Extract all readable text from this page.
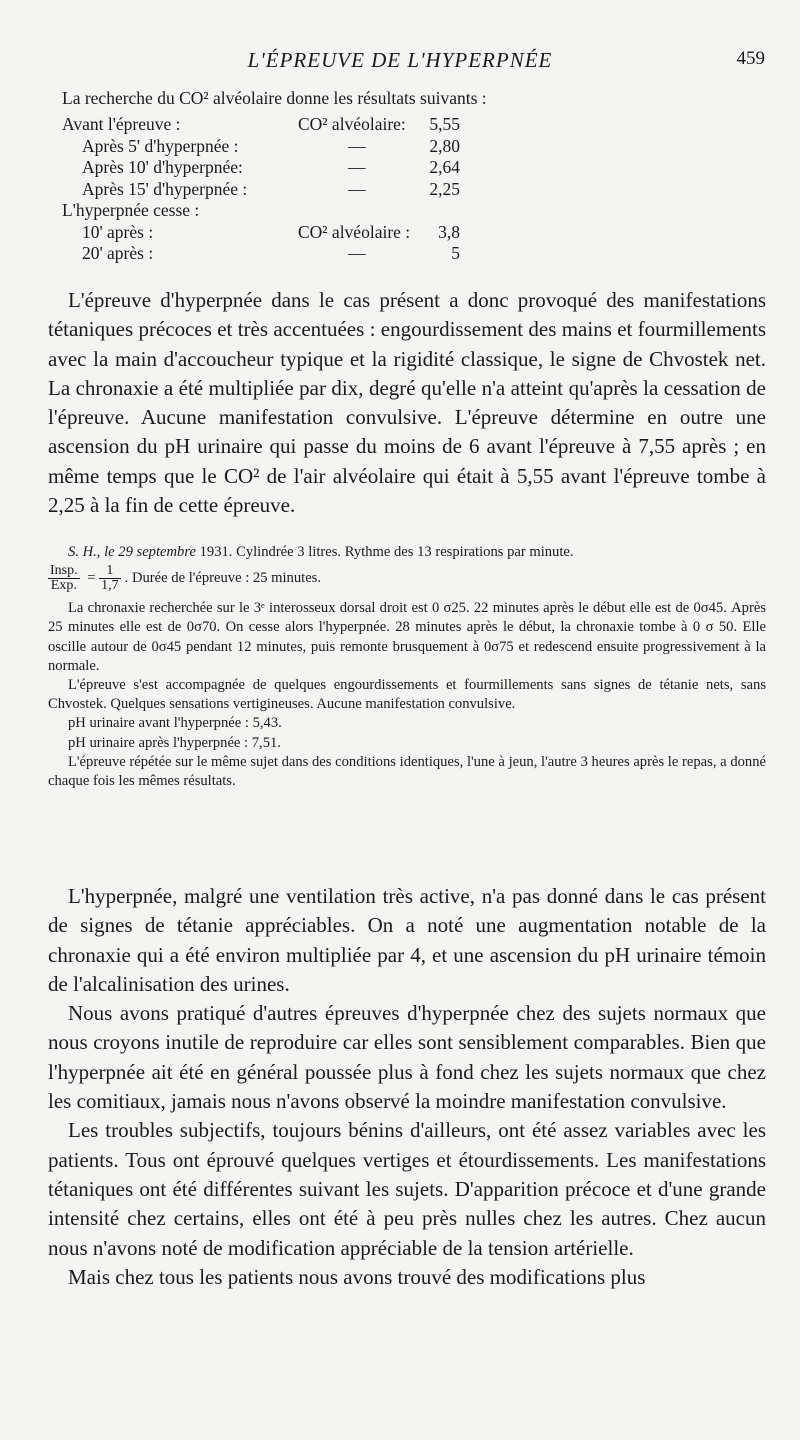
L'ÉPREUVE DE L'HYPERPNÉE	459
La recherche du CO² alvéolaire donne les résultats suivants :
Avant l'épreuve :	CO² alvéolaire:	5,55
Après 5' d'hyperpnée :	—	2,80
Après 10' d'hyperpnée:	—	2,64
Après 15' d'hyperpnée :	—	2,25
L'hyperpnée cesse :
10' après :	CO² alvéolaire :	3,8
20' après :	—	5

L'épreuve d'hyperpnée dans le cas présent a donc provoqué des manifestations tétaniques précoces et très accentuées : engourdissement des mains et fourmillements avec la main d'accoucheur typique et la rigidité classique, le signe de Chvostek net. La chronaxie a été multipliée par dix, degré qu'elle n'a atteint qu'après la cessation de l'épreuve. Aucune manifestation convulsive. L'épreuve détermine en outre une ascension du pH urinaire qui passe du moins de 6 avant l'épreuve à 7,55 après ; en même temps que le CO² de l'air alvéolaire qui était à 5,55 avant l'épreuve tombe à 2,25 à la fin de cette épreuve.

S. H., le 29 septembre 1931. Cylindrée 3 litres. Rythme des 13 respirations par minute.

$\frac{\text{Insp.}}{\text{Exp.}} = \frac{1}{1,7}$ . Durée de l'épreuve : 25 minutes.

La chronaxie recherchée sur le 3ᵉ interosseux dorsal droit est 0 σ25. 22 minutes après le début elle est de 0σ45. Après 25 minutes elle est de 0σ70. On cesse alors l'hyperpnée. 28 minutes après le début, la chronaxie tombe à 0 σ 50. Elle oscille autour de 0σ45 pendant 12 minutes, puis remonte brusquement à 0σ75 et redescend ensuite progressivement à la normale.

L'épreuve s'est accompagnée de quelques engourdissements et fourmillements sans signes de tétanie nets, sans Chvostek. Quelques sensations vertigineuses. Aucune manifestation convulsive.

pH urinaire avant l'hyperpnée : 5,43.

pH urinaire après l'hyperpnée : 7,51.

L'épreuve répétée sur le même sujet dans des conditions identiques, l'une à jeun, l'autre 3 heures après le repas, a donné chaque fois les mêmes résultats.

L'hyperpnée, malgré une ventilation très active, n'a pas donné dans le cas présent de signes de tétanie appréciables. On a noté une augmentation notable de la chronaxie qui a été environ multipliée par 4, et une ascension du pH urinaire témoin de l'alcalinisation des urines.

Nous avons pratiqué d'autres épreuves d'hyperpnée chez des sujets normaux que nous croyons inutile de reproduire car elles sont sensiblement comparables. Bien que l'hyperpnée ait été en général poussée plus à fond chez les sujets normaux que chez les comitiaux, jamais nous n'avons observé la moindre manifestation convulsive.

Les troubles subjectifs, toujours bénins d'ailleurs, ont été assez variables avec les patients. Tous ont éprouvé quelques vertiges et étourdissements. Les manifestations tétaniques ont été différentes suivant les sujets. D'apparition précoce et d'une grande intensité chez certains, elles ont été à peu près nulles chez les autres. Chez aucun nous n'avons noté de modification appréciable de la tension artérielle.

Mais chez tous les patients nous avons trouvé des modifications plus
